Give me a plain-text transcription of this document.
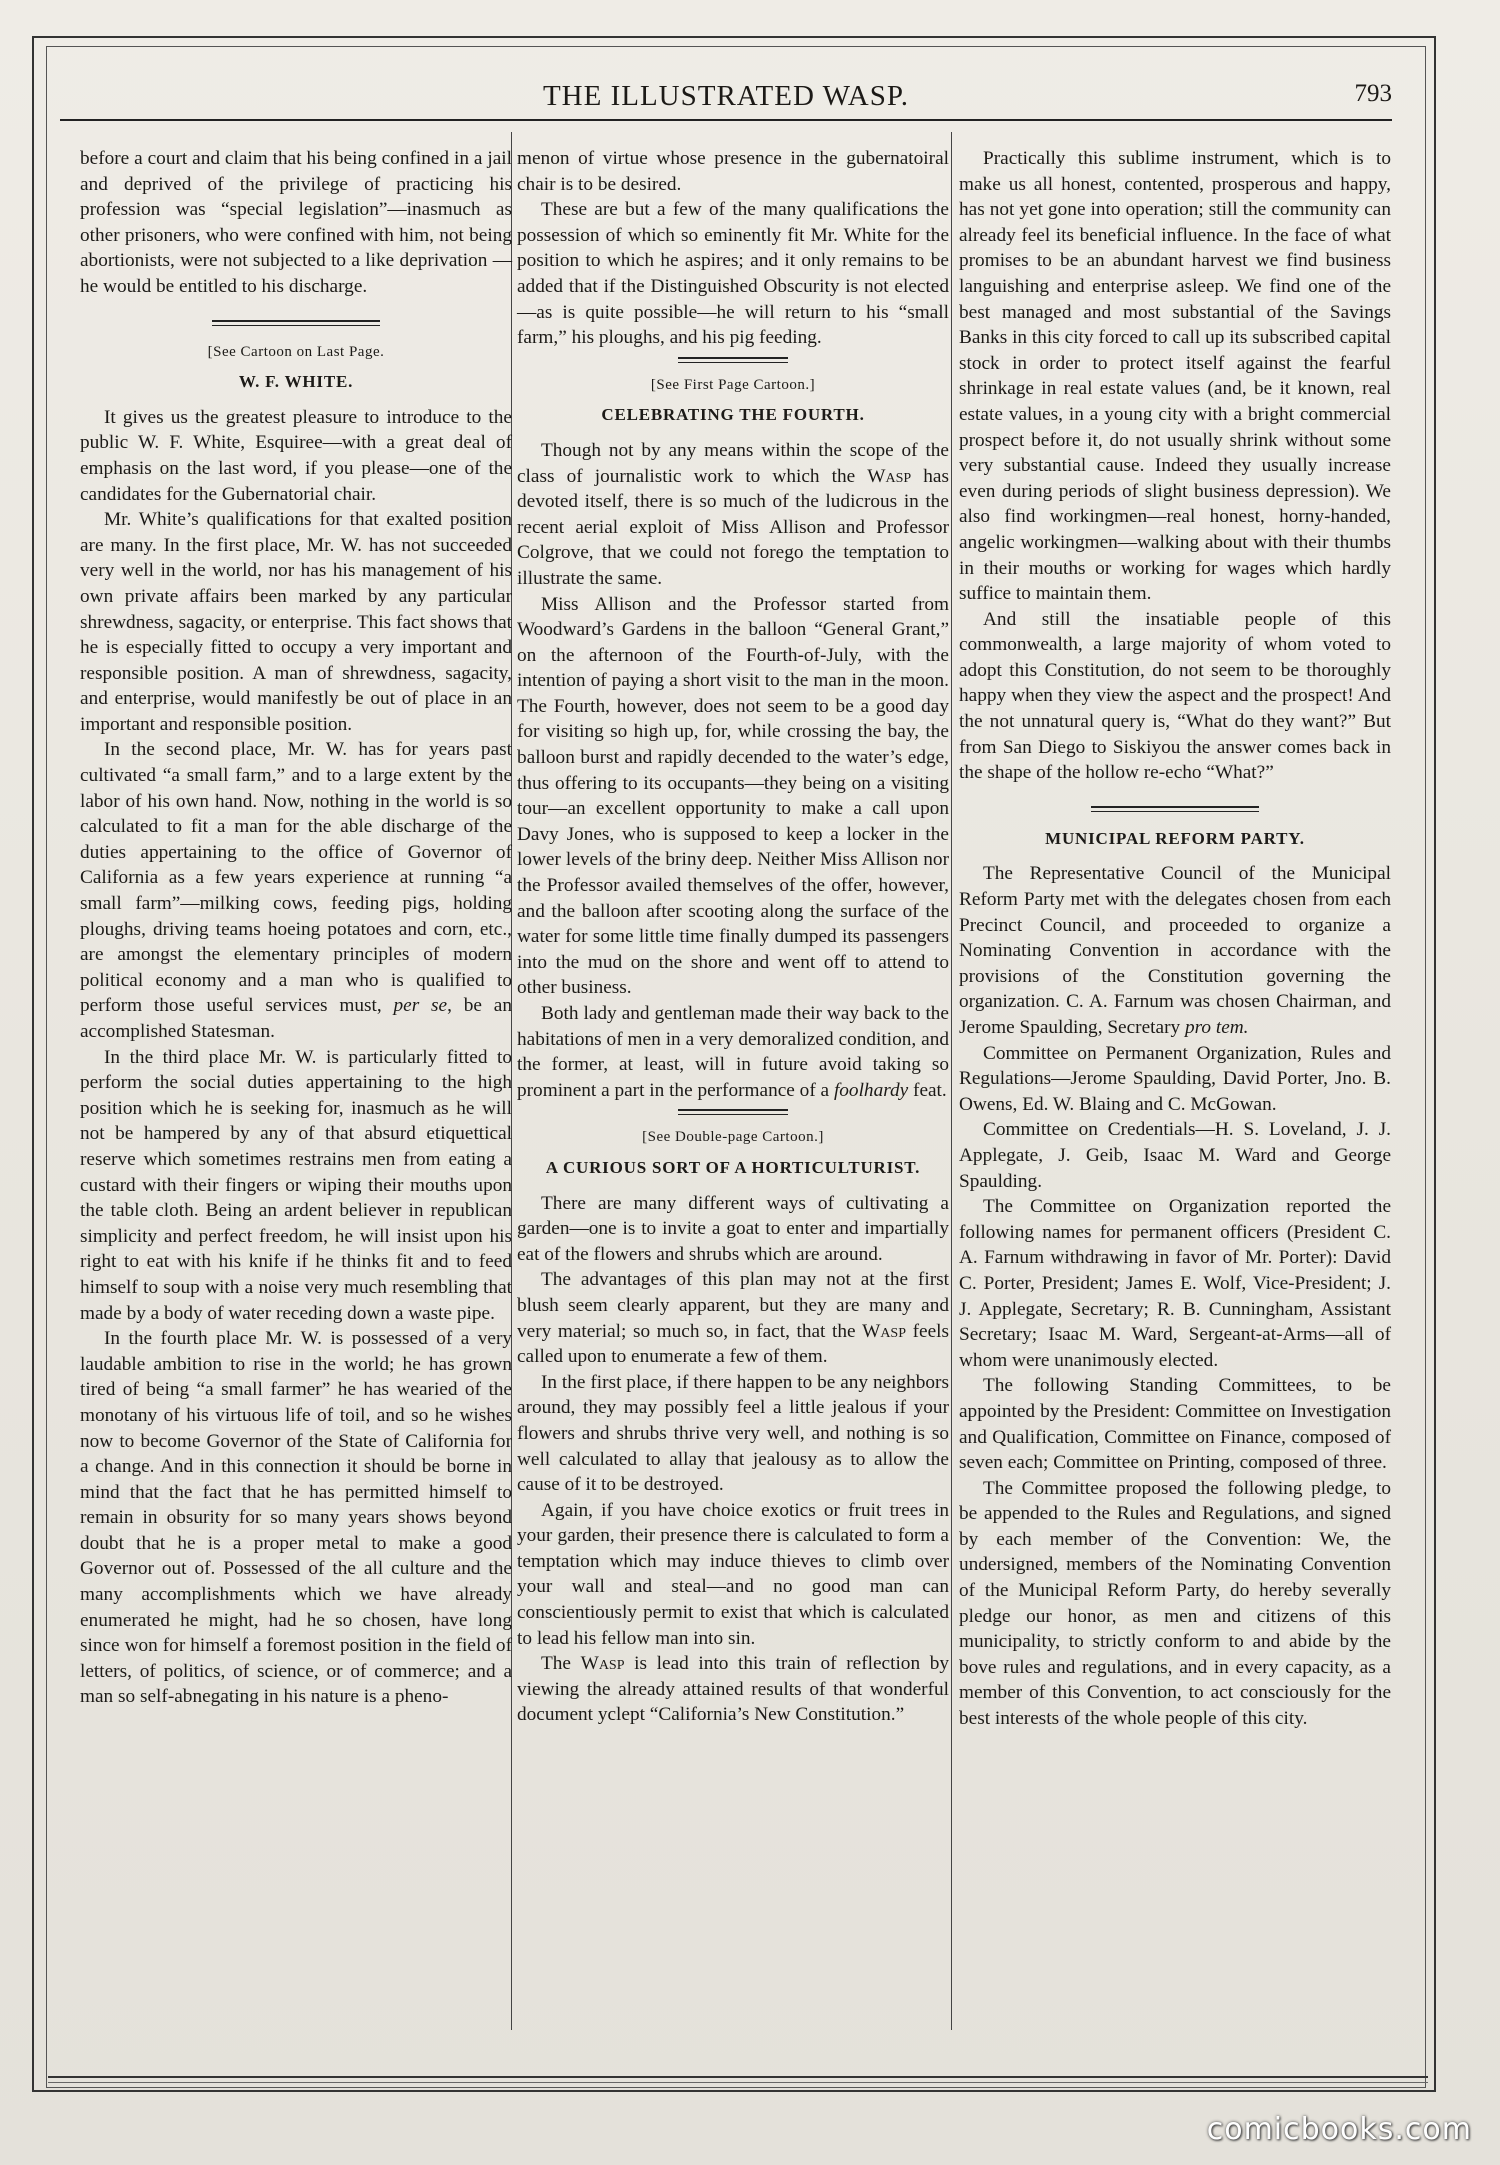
THE ILLUSTRATED WASP.	793

before a court and claim that his being confined in a jail and deprived of the privilege of practicing his profession was “special legislation”—inasmuch as other prisoners, who were confined with him, not being abortionists, were not subjected to a like deprivation —he would be entitled to his discharge.

[See Cartoon on Last Page.
W. F. WHITE.

It gives us the greatest pleasure to introduce to the public W. F. White, Esquiree—with a great deal of emphasis on the last word, if you please—one of the candidates for the Gubernatorial chair.

Mr. White’s qualifications for that exalted position are many. In the first place, Mr. W. has not succeeded very well in the world, nor has his management of his own private affairs been marked by any particular shrewdness, sagacity, or enterprise. This fact shows that he is especially fitted to occupy a very important and responsible position. A man of shrewdness, sagacity, and enterprise, would manifestly be out of place in an important and responsible position.

In the second place, Mr. W. has for years past cultivated “a small farm,” and to a large extent by the labor of his own hand. Now, nothing in the world is so calculated to fit a man for the able discharge of the duties appertaining to the office of Governor of California as a few years experience at running “a small farm”—milking cows, feeding pigs, holding ploughs, driving teams hoeing potatoes and corn, etc., are amongst the elementary principles of modern political economy and a man who is qualified to perform those useful services must, per se, be an accomplished Statesman.

In the third place Mr. W. is particularly fitted to perform the social duties appertaining to the high position which he is seeking for, inasmuch as he will not be hampered by any of that absurd etiquettical reserve which sometimes restrains men from eating a custard with their fingers or wiping their mouths upon the table cloth. Being an ardent believer in republican simplicity and perfect freedom, he will insist upon his right to eat with his knife if he thinks fit and to feed himself to soup with a noise very much resembling that made by a body of water receding down a waste pipe.

In the fourth place Mr. W. is possessed of a very laudable ambition to rise in the world; he has grown tired of being “a small farmer” he has wearied of the monotany of his virtuous life of toil, and so he wishes now to become Governor of the State of California for a change. And in this connection it should be borne in mind that the fact that he has permitted himself to remain in obsurity for so many years shows beyond doubt that he is a proper metal to make a good Governor out of. Possessed of the all culture and the many accomplishments which we have already enumerated he might, had he so chosen, have long since won for himself a foremost position in the field of letters, of politics, of science, or of commerce; and a man so self-abnegating in his nature is a pheno-

menon of virtue whose presence in the gubernatoiral chair is to be desired.

These are but a few of the many qualifications the possession of which so eminently fit Mr. White for the position to which he aspires; and it only remains to be added that if the Distinguished Obscurity is not elected —as is quite possible—he will return to his “small farm,” his ploughs, and his pig feeding.

[See First Page Cartoon.]
CELEBRATING THE FOURTH.

Though not by any means within the scope of the class of journalistic work to which the Wasp has devoted itself, there is so much of the ludicrous in the recent aerial exploit of Miss Allison and Professor Colgrove, that we could not forego the temptation to illustrate the same.

Miss Allison and the Professor started from Woodward’s Gardens in the balloon “General Grant,” on the afternoon of the Fourth-of-July, with the intention of paying a short visit to the man in the moon. The Fourth, however, does not seem to be a good day for visiting so high up, for, while crossing the bay, the balloon burst and rapidly decended to the water’s edge, thus offering to its occupants—they being on a visiting tour—an excellent opportunity to make a call upon Davy Jones, who is supposed to keep a locker in the lower levels of the briny deep. Neither Miss Allison nor the Professor availed themselves of the offer, however, and the balloon after scooting along the surface of the water for some little time finally dumped its passengers into the mud on the shore and went off to attend to other business.

Both lady and gentleman made their way back to the habitations of men in a very demoralized condition, and the former, at least, will in future avoid taking so prominent a part in the performance of a foolhardy feat.

[See Double-page Cartoon.]
A CURIOUS SORT OF A HORTICULTURIST.

There are many different ways of cultivating a garden—one is to invite a goat to enter and impartially eat of the flowers and shrubs which are around.

The advantages of this plan may not at the first blush seem clearly apparent, but they are many and very material; so much so, in fact, that the Wasp feels called upon to enumerate a few of them.

In the first place, if there happen to be any neighbors around, they may possibly feel a little jealous if your flowers and shrubs thrive very well, and nothing is so well calculated to allay that jealousy as to allow the cause of it to be destroyed.

Again, if you have choice exotics or fruit trees in your garden, their presence there is calculated to form a temptation which may induce thieves to climb over your wall and steal—and no good man can conscientiously permit to exist that which is calculated to lead his fellow man into sin.

The Wasp is lead into this train of reflection by viewing the already attained results of that wonderful document yclept “California’s New Constitution.”

Practically this sublime instrument, which is to make us all honest, contented, prosperous and happy, has not yet gone into operation; still the community can already feel its beneficial influence. In the face of what promises to be an abundant harvest we find business languishing and enterprise asleep. We find one of the best managed and most substantial of the Savings Banks in this city forced to call up its subscribed capital stock in order to protect itself against the fearful shrinkage in real estate values (and, be it known, real estate values, in a young city with a bright commercial prospect before it, do not usually shrink without some very substantial cause. Indeed they usually increase even during periods of slight business depression). We also find workingmen—real honest, horny-handed, angelic workingmen—walking about with their thumbs in their mouths or working for wages which hardly suffice to maintain them.

And still the insatiable people of this commonwealth, a large majority of whom voted to adopt this Constitution, do not seem to be thoroughly happy when they view the aspect and the prospect! And the not unnatural query is, “What do they want?” But from San Diego to Siskiyou the answer comes back in the shape of the hollow re-echo “What?”

MUNICIPAL REFORM PARTY.

The Representative Council of the Municipal Reform Party met with the delegates chosen from each Precinct Council, and proceeded to organize a Nominating Convention in accordance with the provisions of the Constitution governing the organization. C. A. Farnum was chosen Chairman, and Jerome Spaulding, Secretary pro tem.

Committee on Permanent Organization, Rules and Regulations—Jerome Spaulding, David Porter, Jno. B. Owens, Ed. W. Blaing and C. McGowan.

Committee on Credentials—H. S. Loveland, J. J. Applegate, J. Geib, Isaac M. Ward and George Spaulding.

The Committee on Organization reported the following names for permanent officers (President C. A. Farnum withdrawing in favor of Mr. Porter): David C. Porter, President; James E. Wolf, Vice-President; J. J. Applegate, Secretary; R. B. Cunningham, Assistant Secretary; Isaac M. Ward, Sergeant-at-Arms—all of whom were unanimously elected.

The following Standing Committees, to be appointed by the President: Committee on Investigation and Qualification, Committee on Finance, composed of seven each; Committee on Printing, composed of three.

The Committee proposed the following pledge, to be appended to the Rules and Regulations, and signed by each member of the Convention: We, the undersigned, members of the Nominating Convention of the Municipal Reform Party, do hereby severally pledge our honor, as men and citizens of this municipality, to strictly conform to and abide by the bove rules and regulations, and in every capacity, as a member of this Convention, to act consciously for the best interests of the whole people of this city.

comicbooks.com
